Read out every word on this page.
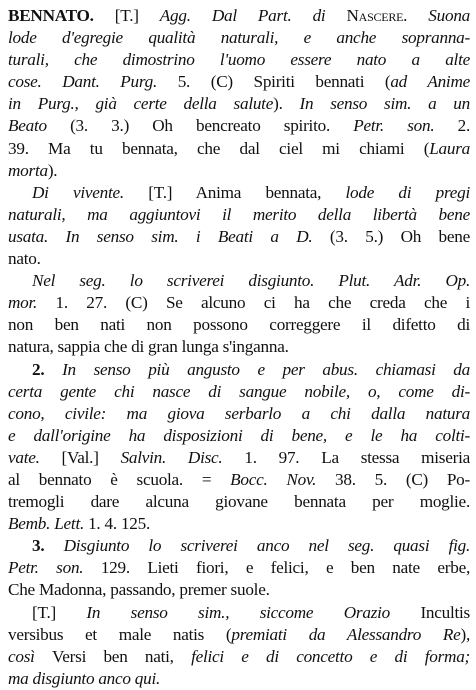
BENNATO. [T.] Agg. Dal Part. di Nascere. Suona
lode d'egregie qualità naturali, e anche sopranna-
turali, che dimostrino l'uomo essere nato a alte
cose. Dant. Purg. 5. (C) Spiriti bennati (ad Anime
in Purg., già certe della salute). In senso sim. a un
Beato (3. 3.) Oh bencreato spirito. Petr. son. 2.
39. Ma tu bennata, che dal ciel mi chiami (Laura
morta).
Di vivente. [T.] Anima bennata, lode di pregi
naturali, ma aggiuntovi il merito della libertà bene
usata. In senso sim. i Beati a D. (3. 5.) Oh bene
nato.
Nel seg. lo scriverei disgiunto. Plut. Adr. Op.
mor. 1. 27. (C) Se alcuno ci ha che creda che i
non ben nati non possono correggere il difetto di
natura, sappia che di gran lunga s'inganna.
2. In senso più angusto e per abus. chiamasi da
certa gente chi nasce di sangue nobile, o, come di-
cono, civile: ma giova serbarlo a chi dalla natura
e dall'origine ha disposizioni di bene, e le ha colti-
vate. [Val.] Salvin. Disc. 1. 97. La stessa miseria
al bennato è scuola. = Bocc. Nov. 38. 5. (C) Po-
tremogli dare alcuna giovane bennata per moglie.
Bemb. Lett. 1. 4. 125.
3. Disgiunto lo scriverei anco nel seg. quasi fig.
Petr. son. 129. Lieti fiori, e felici, e ben nate erbe,
Che Madonna, passando, premer suole.
[T.] In senso sim., siccome Orazio Incultis
versibus et male natis (premiati da Alessandro Re),
così Versi ben nati, felici e di concetto e di forma;
ma disgiunto anco qui.
